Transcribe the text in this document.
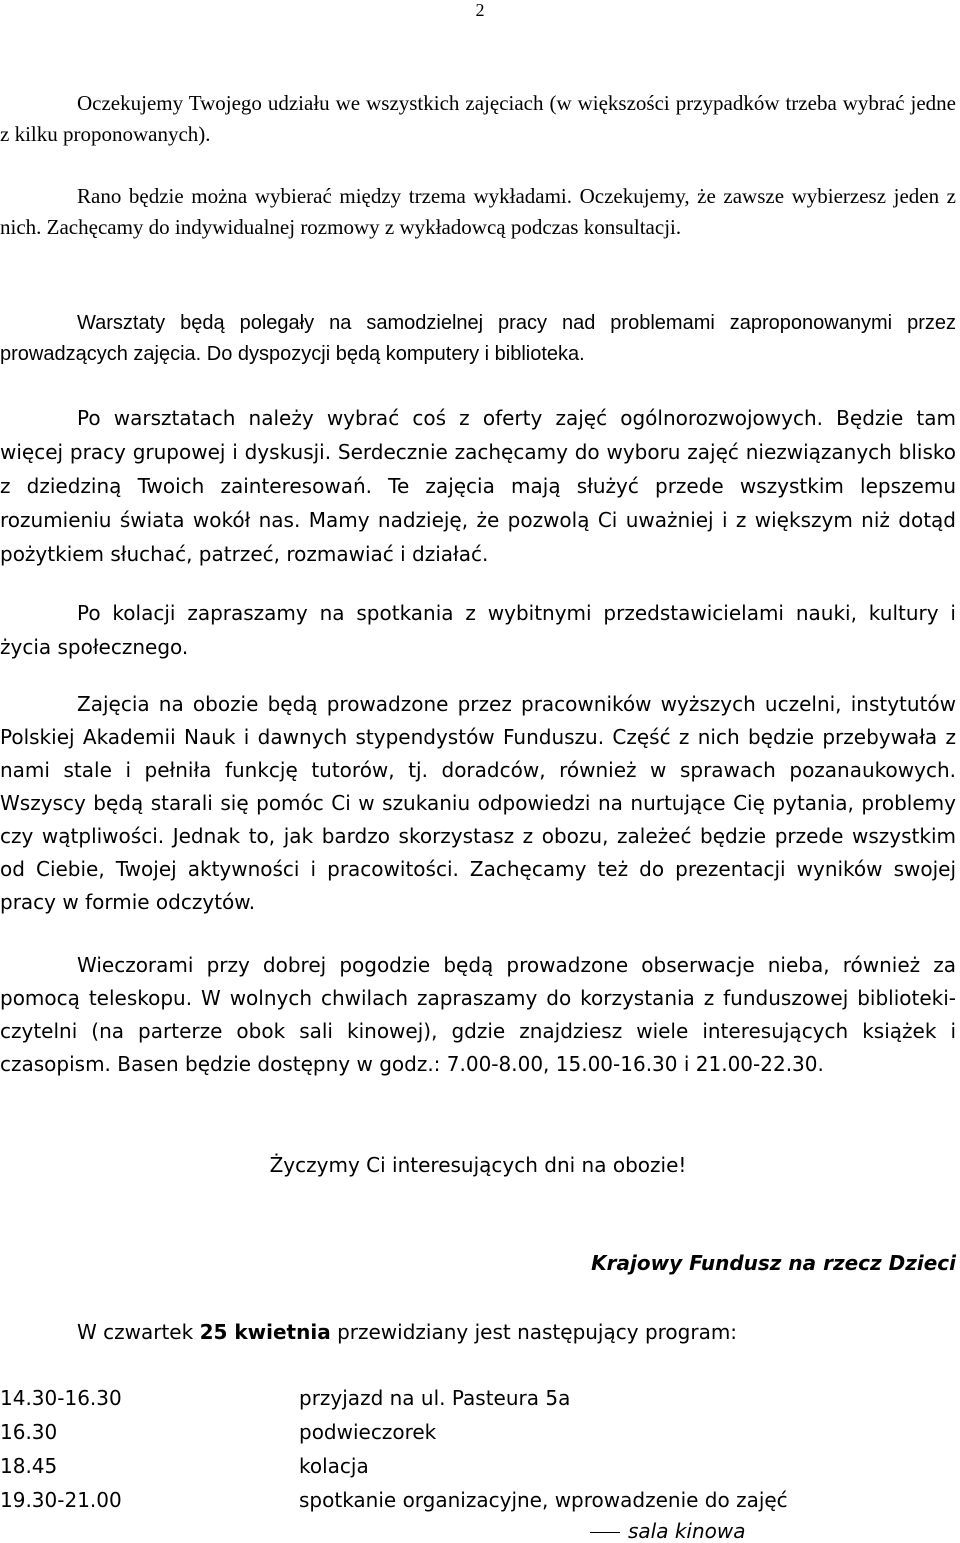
2

Oczekujemy Twojego udziału we wszystkich zajęciach (w większości przypadków trzeba wybrać jedne z kilku proponowanych).

Rano będzie można wybierać między trzema wykładami. Oczekujemy, że zawsze wybierzesz jeden z nich. Zachęcamy do indywidualnej rozmowy z wykładowcą podczas konsultacji.

Warsztaty będą polegały na samodzielnej pracy nad problemami zaproponowanymi przez prowadzących zajęcia. Do dyspozycji będą komputery i biblioteka.

Po warsztatach należy wybrać coś z oferty zajęć ogólnorozwojowych. Będzie tam więcej pracy grupowej i dyskusji. Serdecznie zachęcamy do wyboru zajęć niezwiązanych blisko z dziedziną Twoich zainteresowań. Te zajęcia mają służyć przede wszystkim lepszemu rozumieniu świata wokół nas. Mamy nadzieję, że pozwolą Ci uważniej i z większym niż dotąd pożytkiem słuchać, patrzeć, rozmawiać i działać.

Po kolacji zapraszamy na spotkania z wybitnymi przedstawicielami nauki, kultury i życia społecznego.

Zajęcia na obozie będą prowadzone przez pracowników wyższych uczelni, instytutów Polskiej Akademii Nauk i dawnych stypendystów Funduszu. Część z nich będzie przebywała z nami stale i pełniła funkcję tutorów, tj. doradców, również w sprawach pozanaukowych. Wszyscy będą starali się pomóc Ci w szukaniu odpowiedzi na nurtujące Cię pytania, problemy czy wątpliwości. Jednak to, jak bardzo skorzystasz z obozu, zależeć będzie przede wszystkim od Ciebie, Twojej aktywności i pracowitości. Zachęcamy też do prezentacji wyników swojej pracy w formie odczytów.

Wieczorami przy dobrej pogodzie będą prowadzone obserwacje nieba, również za pomocą teleskopu. W wolnych chwilach zapraszamy do korzystania z funduszowej biblioteki-czytelni (na parterze obok sali kinowej), gdzie znajdziesz wiele interesujących książek i czasopism. Basen będzie dostępny w godz.: 7.00-8.00, 15.00-16.30 i 21.00-22.30.

Życzymy Ci interesujących dni na obozie!
Krajowy Fundusz na rzecz Dzieci
W czwartek 25 kwietnia przewidziany jest następujący program:
14.30-16.30	przyjazd na ul. Pasteura 5a
16.30	podwieczorek
18.45	kolacja
19.30-21.00	spotkanie organizacyjne, wprowadzenie do zajęć
sala kinowa
